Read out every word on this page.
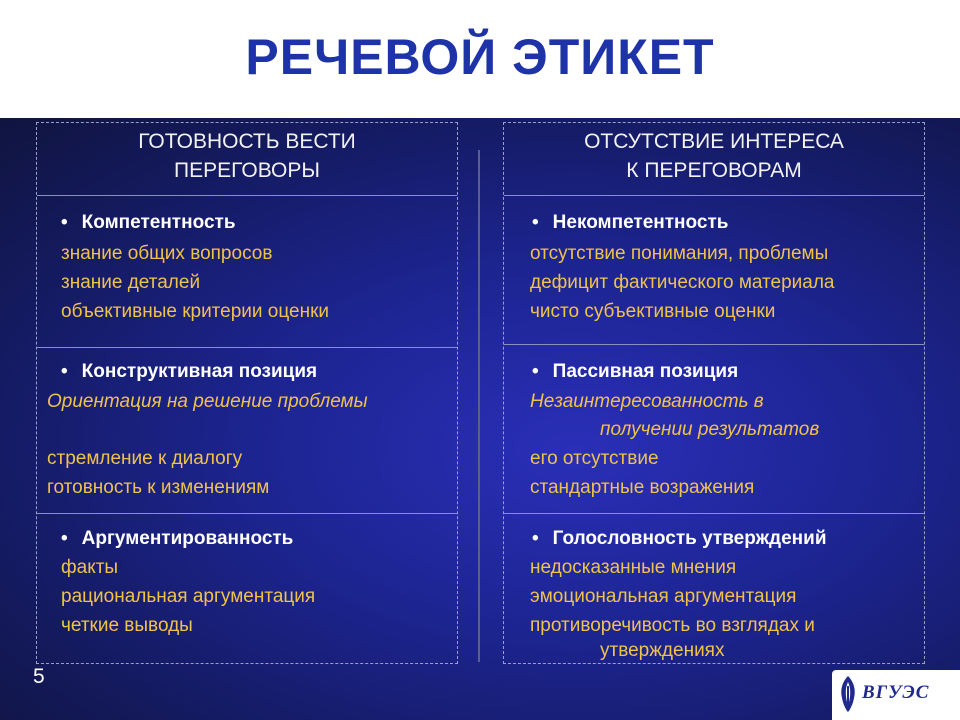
РЕЧЕВОЙ ЭТИКЕТ
ГОТОВНОСТЬ ВЕСТИ
ПЕРЕГОВОРЫ
• Компетентность
знание общих вопросов
знание деталей
объективные критерии оценки
• Конструктивная позиция
Ориентация на решение проблемы
стремление к диалогу
готовность к изменениям
• Аргументированность
факты
рациональная аргументация
четкие выводы
ОТСУТСТВИЕ ИНТЕРЕСА
К ПЕРЕГОВОРАМ
• Некомпетентность
отсутствие понимания, проблемы
дефицит фактического материала
чисто субъективные оценки
• Пассивная позиция
Незаинтересованность в
получении результатов
его отсутствие
стандартные возражения
• Голословность утверждений
недосказанные мнения
эмоциональная аргументация
противоречивость во взглядах и
утверждениях
5
ВГУЭС
